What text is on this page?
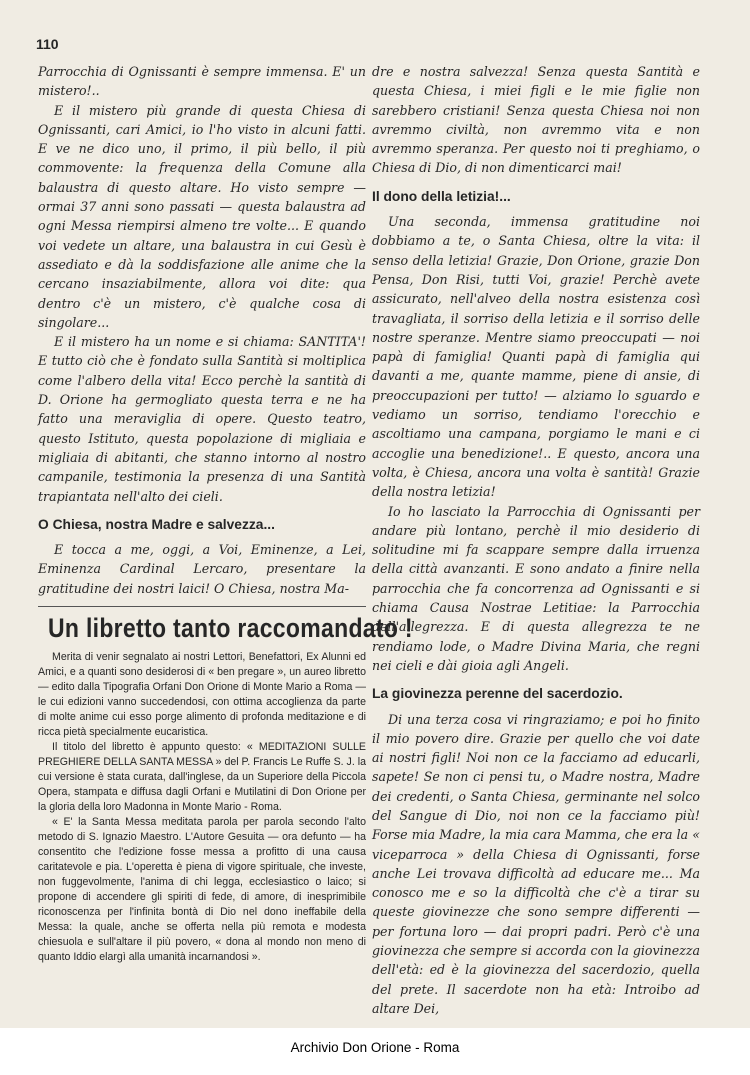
110

Parrocchia di Ognissanti è sempre immensa. E' un mistero!..

E il mistero più grande di questa Chiesa di Ognissanti, cari Amici, io l'ho visto in alcuni fatti. E ve ne dico uno, il primo, il più bello, il più commovente: la frequenza della Comune alla balaustra di questo altare. Ho visto sempre — ormai 37 anni sono passati — questa balaustra ad ogni Messa riempirsi almeno tre volte... E quando voi vedete un altare, una balaustra in cui Gesù è assediato e dà la soddisfazione alle anime che la cercano insaziabilmente, allora voi dite: qua dentro c'è un mistero, c'è qualche cosa di singolare...

E il mistero ha un nome e si chiama: SANTITA'! E tutto ciò che è fondato sulla Santità si moltiplica come l'albero della vita! Ecco perchè la santità di D. Orione ha germogliato questa terra e ne ha fatto una meraviglia di opere. Questo teatro, questo Istituto, questa popolazione di migliaia e migliaia di abitanti, che stanno intorno al nostro campanile, testimonia la presenza di una Santità trapiantata nell'alto dei cieli.

O Chiesa, nostra Madre e salvezza...

E tocca a me, oggi, a Voi, Eminenze, a Lei, Eminenza Cardinal Lercaro, presentare la gratitudine dei nostri laici! O Chiesa, nostra Ma-

Un libretto tanto raccomandato !

Merita di venir segnalato ai nostri Lettori, Benefattori, Ex Alunni ed Amici, e a quanti sono desiderosi di « ben pregare », un aureo libretto — edito dalla Tipografia Orfani Don Orione di Monte Mario a Roma — le cui edizioni vanno succedendosi, con ottima accoglienza da parte di molte anime cui esso porge alimento di profonda meditazione e di ricca pietà specialmente eucaristica.

Il titolo del libretto è appunto questo: « MEDITAZIONI SULLE PREGHIERE DELLA SANTA MESSA » del P. Francis Le Ruffe S. J. la cui versione è stata curata, dall'inglese, da un Superiore della Piccola Opera, stampata e diffusa dagli Orfani e Mutilatini di Don Orione per la gloria della loro Madonna in Monte Mario - Roma.

« E' la Santa Messa meditata parola per parola secondo l'alto metodo di S. Ignazio Maestro. L'Autore Gesuita — ora defunto — ha consentito che l'edizione fosse messa a profitto di una causa caritatevole e pia. L'operetta è piena di vigore spirituale, che investe, non fuggevolmente, l'anima di chi legga, ecclesiastico o laico; si propone di accendere gli spiriti di fede, di amore, di inesprimibile riconoscenza per l'infinita bontà di Dio nel dono ineffabile della Messa: la quale, anche se offerta nella più remota e modesta chiesuola e sull'altare il più povero, « dona al mondo non meno di quanto Iddio elargì alla umanità incarnandosi ».

dre e nostra salvezza! Senza questa Santità e questa Chiesa, i miei figli e le mie figlie non sarebbero cristiani! Senza questa Chiesa noi non avremmo civiltà, non avremmo vita e non avremmo speranza. Per questo noi ti preghiamo, o Chiesa di Dio, di non dimenticarci mai!

Il dono della letizia!...

Una seconda, immensa gratitudine noi dobbiamo a te, o Santa Chiesa, oltre la vita: il senso della letizia! Grazie, Don Orione, grazie Don Pensa, Don Risi, tutti Voi, grazie! Perchè avete assicurato, nell'alveo della nostra esistenza così travagliata, il sorriso della letizia e il sorriso delle nostre speranze. Mentre siamo preoccupati — noi papà di famiglia! Quanti papà di famiglia qui davanti a me, quante mamme, piene di ansie, di preoccupazioni per tutto! — alziamo lo sguardo e vediamo un sorriso, tendiamo l'orecchio e ascoltiamo una campana, porgiamo le mani e ci accoglie una benedizione!.. E questo, ancora una volta, è Chiesa, ancora una volta è santità! Grazie della nostra letizia!

Io ho lasciato la Parrocchia di Ognissanti per andare più lontano, perchè il mio desiderio di solitudine mi fa scappare sempre dalla irruenza della città avanzanti. E sono andato a finire nella parrocchia che fa concorrenza ad Ognissanti e si chiama Causa Nostrae Letitiae: la Parrocchia dell'allegrezza. E di questa allegrezza te ne rendiamo lode, o Madre Divina Maria, che regni nei cieli e dài gioia agli Angeli.

La giovinezza perenne del sacerdozio.

Di una terza cosa vi ringraziamo; e poi ho finito il mio povero dire. Grazie per quello che voi date ai nostri figli! Noi non ce la facciamo ad educarli, sapete! Se non ci pensi tu, o Madre nostra, Madre dei credenti, o Santa Chiesa, germinante nel solco del Sangue di Dio, noi non ce la facciamo più! Forse mia Madre, la mia cara Mamma, che era la « viceparroca » della Chiesa di Ognissanti, forse anche Lei trovava difficoltà ad educare me... Ma conosco me e so la difficoltà che c'è a tirar su queste giovinezze che sono sempre differenti — per fortuna loro — dai propri padri. Però c'è una giovinezza che sempre si accorda con la giovinezza dell'età: ed è la giovinezza del sacerdozio, quella del prete. Il sacerdote non ha età: Introibo ad altare Dei,

Archivio Don Orione - Roma
